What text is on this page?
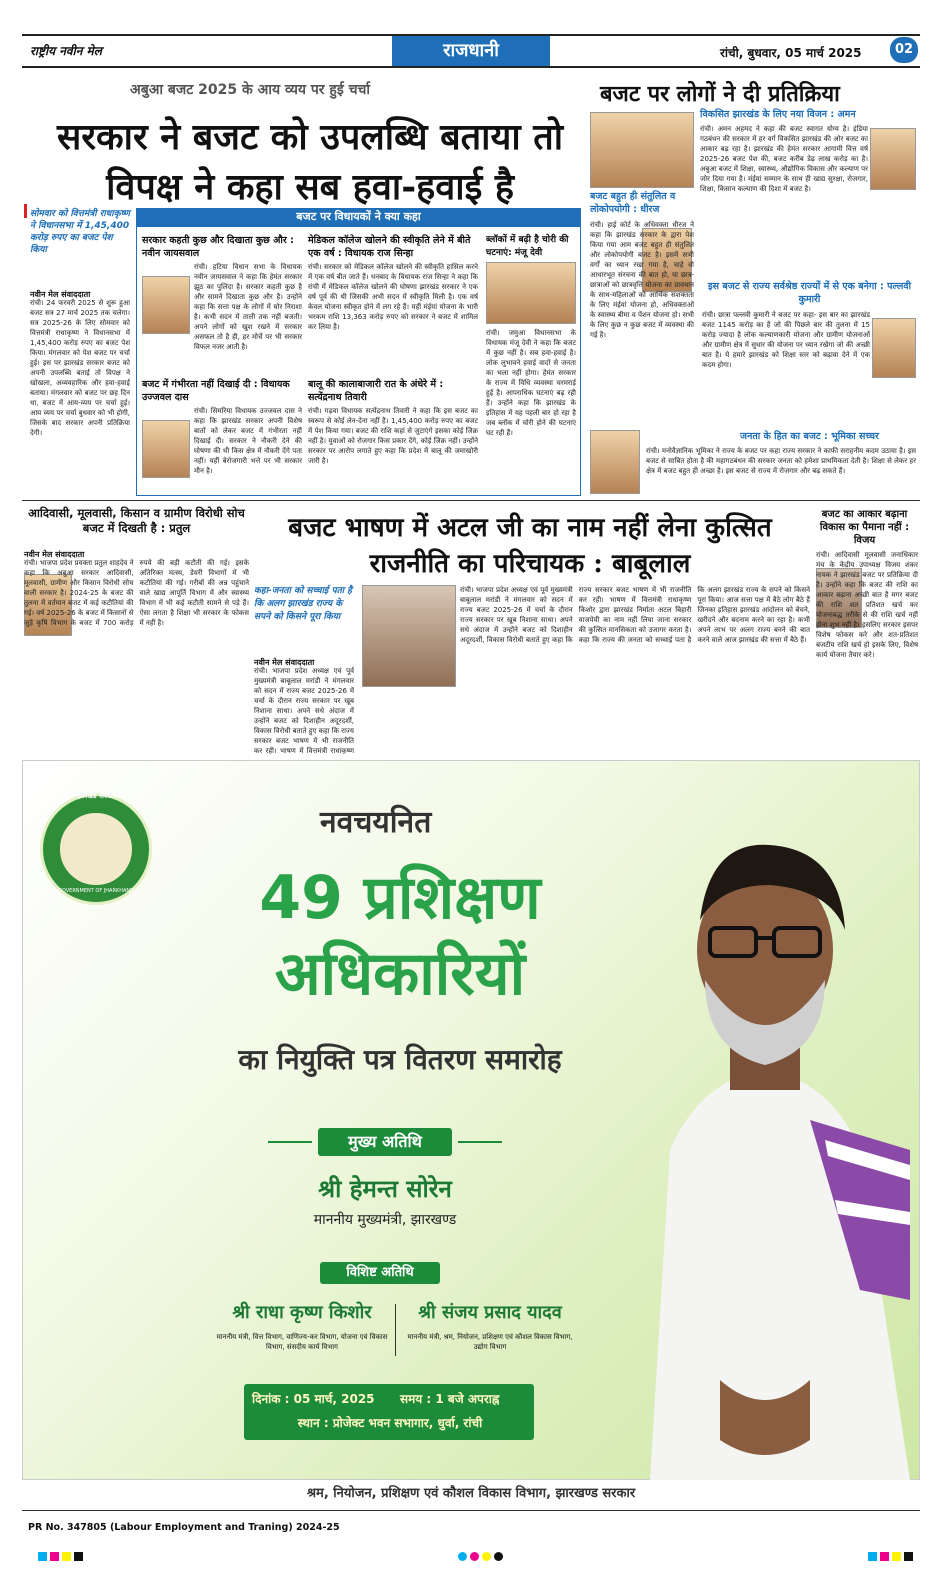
राष्ट्रीय नवीन मेल	राजधानी	रांची, बुधवार, 05 मार्च 2025	02
अबुआ बजट 2025 के आय व्यय पर हुई चर्चा
सरकार ने बजट को उपलब्धि बताया तो विपक्ष ने कहा सब हवा-हवाई है
सोमवार को वित्तमंत्री राधाकृष्ण ने विधानसभा में 1,45,400 करोड़ रुपए का बजट पेश किया
नवीन मेल संवाददाता
रांची। 24 फरवरी 2025 से शुरू हुआ बजट सत्र 27 मार्च 2025 तक चलेगा। सत्र 2025-26 के लिए सोमवार को वित्तमंत्री राधाकृष्ण ने विधानसभा में 1,45,400 करोड़ रुपए का बजट पेश किया। मंगलवार को पेश बजट पर चर्चा हुई। इस पर झारखंड सरकार बजट को अपनी उपलब्धि बताई तो विपक्ष ने खोखला, अव्यवहारिक और हवा-हवाई बताया। मंगलवार को बजट पर छह दिन था, बजट में आय-व्यय पर चर्चा हुई। आय व्यय पर चर्चा बुधवार को भी होगी, जिसके बाद सरकार अपनी प्रतिक्रिया देगी।
बजट पर विधायकों ने क्या कहा
सरकार कहती कुछ और दिखाता कुछ और : नवीन जायसवाल
रांची। हटिया विधान सभा के विधायक नवीन जायसवाल ने कहा कि हेमंत सरकार झूठ का पुलिंदा है। सरकार कहती कुछ है और सामने दिखाता कुछ और है। उन्होंने कहा कि सत्ता पक्ष के लोगों में घोर निराशा है। कभी सदन में ताली तक नहीं बजती। अपने लोगों को खुश रखने में सरकार असफल तो है ही, हर मोर्चे पर भी सरकार विफल नजर आती है।
मेडिकल कॉलेज खोलने की स्वीकृति लेने में बीते एक वर्ष : विधायक राज सिन्हा
रांची। सरकार को मेडिकल कॉलेज खोलने की स्वीकृति हासिल करने में एक वर्ष बीत जाते हैं। धनबाद के विधायक राज सिन्हा ने कहा कि रांची में मेडिकल कॉलेज खोलने की घोषणा झारखंड सरकार ने एक वर्ष पूर्व की थी जिसकी अभी सदन में स्वीकृति मिली है। एक वर्ष केवल योजना स्वीकृत होने में लग रहे हैं। यहीं मंईयां योजना के भारी भरकम राशि 13,363 करोड़ रुपए को सरकार ने बजट में शामिल कर लिया है।
ब्लॉकों में बढ़ी है चोरी की घटनाएं: मंजू देवी
रांची। जमुआ विधानसभा के विधायक मंजू देवी ने कहा कि बजट में कुछ नहीं है। सब हवा-हवाई है। लोक लुभावने हवाई वादों से जनता का भला नहीं होगा। हेमंत सरकार के राज्य में विधि व्यवस्था चरमराई हुई है। आपराधिक घटनाएं बढ़ रही हैं। उन्होंने कहा कि झारखंड के इतिहास में यह पहली बार हो रहा है जब ब्लॉक में चोरी होने की घटनाएं घट रही हैं।
बजट में गंभीरता नहीं दिखाई दी : विधायक उज्जवल दास
रांची। सिमरिया विधायक उज्जवल दास ने कहा कि झारखंड सरकार अपनी विशेष बातों को लेकर बजट में गंभीरता नहीं दिखाई दी। सरकार ने नौकरी देने की घोषणा की थी किस क्षेत्र में नौकरी देंगे पता नहीं। यहीं बेरोजगारी भत्ते पर भी सरकार मौन है।
बालू की कालाबाजारी रात के अंधेरे में : सत्येंद्रनाथ तिवारी
रांची। गढ़वा विधायक सत्येंद्रनाथ तिवारी ने कहा कि इस बजट का स्वरूप से कोई लेन-देना नहीं है। 1,45,400 करोड़ रुपए का बजट में पेश किया गया। बजट की राशि कहां से जुटाएंगे इसका कोई जिक्र नहीं है। युवाओं को रोजगार किस प्रकार देंगे, कोई जिक्र नहीं। उन्होंने सरकार पर आरोप लगाते हुए कहा कि प्रदेश में बालू की जमाखोरी जारी है।
बजट पर लोगों ने दी प्रतिक्रिया
विकसित झारखंड के लिए नया विजन : अमन
रांची। अमन अहमद ने कहा की बजट स्वागत योग्य है। इंडिया गठबंधन की सरकार में हर वर्ग विकसित झारखंड की ओर बजट का आकार बढ़ रहा है। झारखंड की हेमंत सरकार आगामी वित्त वर्ष 2025-26 बजट पेश की, बजट करीब डेढ़ लाख करोड़ का है। अबुआ बजट में शिक्षा, स्वास्थ्य, औद्योगिक विकास और कल्याण पर जोर दिया गया है। मंईयां सम्मान के साथ ही खाद्य सुरक्षा, रोजगार, शिक्षा, किसान कल्याण की दिशा में बजट है।
बजट बहुत ही संतुलित व लोकोपयोगी : धीरज
रांची। हाई कोर्ट के अधिवक्ता धीरज ने कहा कि झारखंड सरकार के द्वारा पेश किया गया आम बजट बहुत ही संतुलित और लोकोपयोगी बजट है। इसमें सभी वर्गों का ध्यान रखा गया है, चाहे वो आधारभूत संरचना की बात हो, या छात्र-छात्राओं को छात्रवृत्ति योजना का प्रावधान के साथ-महिलाओं को आर्थिक सशक्तता के लिए मंईयां योजना हो, अधिवक्ताओं के स्वास्थ्य बीमा व पेंशन योजना हो। सभी के लिए कुछ न कुछ बजट में व्यवस्था की गई है।
इस बजट से राज्य सर्वश्रेष्ठ राज्यों में से एक बनेगा : पल्लवी कुमारी
रांची। छात्रा पल्लवी कुमारी ने बजट पर कहा- इस बार का झारखंड बजट 1145 करोड़ का है जो की पिछले बार की तुलना में 15 करोड़ ज्यादा है लोक कल्याणकारी योजना और ग्रामीण योजनाओं और ग्रामीण क्षेत्र में सुधार की योजना पर ध्यान रखेगा जो की अच्छी बात है। ये हमारे झारखंड को शिक्षा स्तर को बढ़ावा देने में एक कदम होगा।
जनता के हित का बजट : भूमिका सच्चर
रांची। मनोवैज्ञानिक भूमिका ने राज्य के बजट पर कहा राज्य सरकार ने काफी सराहनीय कदम उठाया है। इस बजट से साबित होता है की महागठबंधन की सरकार जनता को हमेशा प्राथमिकता देती है। शिक्षा से लेकर हर क्षेत्र में बजट बहुत ही अच्छा है। इस बजट से राज्य में रोजगार और बढ़ सकते हैं।
आदिवासी, मूलवासी, किसान व ग्रामीण विरोधी सोच बजट में दिखती है : प्रतुल
नवीन मेल संवाददाता
रांची। भाजपा प्रदेश प्रवक्ता प्रतुल शाहदेव ने कहा कि अबुआ सरकार आदिवासी, मूलवासी, ग्रामीण और किसान विरोधी सोच वाली सरकार है। 2024-25 के बजट की तुलना में वर्तमान बजट में कई कटौतियां की गई। वर्ष 2025-26 के बजट में किसानों से जुड़े कृषि विभाग के बजट में 700 करोड़ रुपये की बड़ी कटौती की गई। इसके अतिरिक्त मत्स्य, डेयरी विभागों में भी कटौतियां की गई। गरीबों की अन्न पहुंचाने वाले खाद्य आपूर्ति विभाग में और स्वास्थ्य विभाग में भी कई कटौती सामने से पड़े हैं। ऐसा लगता है शिक्षा भी सरकार के फोकस में नहीं है।
बजट भाषण में अटल जी का नाम नहीं लेना कुत्सित राजनीति का परिचायक : बाबूलाल
कहा-जनता को सच्चाई पता है कि अलग झारखंड राज्य के सपने को किसने पूरा किया
नवीन मेल संवाददाता
रांची। भाजपा प्रदेश अध्यक्ष एवं पूर्व मुख्यमंत्री बाबूलाल मरांडी ने मंगलवार को सदन में राज्य बजट 2025-26 में चर्चा के दौरान राज्य सरकार पर खूब निशाना साधा। अपने सधे अंदाज में उन्होंने बजट को दिशाहीन अदूरदर्शी, विकास विरोधी बताते हुए कहा कि राज्य सरकार बजट भाषण में भी राजनीति कर रही। भाषण में वित्तमंत्री राधाकृष्ण
रांची। भाजपा प्रदेश अध्यक्ष एवं पूर्व मुख्यमंत्री बाबूलाल मरांडी ने मंगलवार को सदन में राज्य बजट 2025-26 में चर्चा के दौरान राज्य सरकार पर खूब निशाना साधा। अपने सधे अंदाज में उन्होंने बजट को दिशाहीन अदूरदर्शी, विकास विरोधी बताते हुए कहा कि राज्य सरकार बजट भाषण में भी राजनीति कर रही। भाषण में वित्तमंत्री राधाकृष्ण किशोर द्वारा झारखंड निर्माता अटल बिहारी वाजपेयी का नाम नहीं लिया जाना सरकार की कुत्सित मानसिकता को उजागर करता है। कहा कि राज्य की जनता को सच्चाई पता है कि अलग झारखंड राज्य के सपने को किसने पूरा किया। आज सत्ता पक्ष में बैठे लोग बैठे हैं जिनका इतिहास झारखंड आंदोलन को बेचने, खरीदने और बदनाम करने का रहा है। कभी अपने लाभ पर अलग राज्य बनने की बात करने वाले आज झारखंड की सत्ता में बैठे हैं।
बजट का आकार बढ़ाना विकास का पैमाना नहीं : विजय
रांची। आदिवासी मूलवासी जनाधिकार मंच के केंद्रीय उपाध्यक्ष विजय शंकर नायक ने झारखंड बजट पर प्रतिक्रिया दी है। उन्होंने कहा कि बजट की राशि का आकार बढ़ाना अच्छी बात है मगर बजट की राशि शत प्रतिशत खर्च कर योजनाबद्ध तरीके से की राशि खर्च नहीं होना शुभ नहीं है। इसलिए सरकार इसपर विशेष फोकस करे और शत-प्रतिशत बजटीय राशि खर्च हो इसके लिए, विशेष कार्य योजना तैयार करे।
झारखंड सरकार
GOVERNMENT OF JHARKHAND
नवचयनित
49 प्रशिक्षण अधिकारियों
का नियुक्ति पत्र वितरण समारोह
मुख्य अतिथि
श्री हेमन्त सोरेन
माननीय मुख्यमंत्री, झारखण्ड
विशिष्ट अतिथि
श्री राधा कृष्ण किशोर
माननीय मंत्री, वित्त विभाग, वाणिज्य-कर विभाग, योजना एवं विकास विभाग, संसदीय कार्य विभाग
श्री संजय प्रसाद यादव
माननीय मंत्री, श्रम, नियोजन, प्रशिक्षण एवं कौशल विकास विभाग, उद्योग विभाग
दिनांक : 05 मार्च, 2025	समय : 1 बजे अपराह्न
स्थान : प्रोजेक्ट भवन सभागार, धुर्वा, रांची
श्रम, नियोजन, प्रशिक्षण एवं कौशल विकास विभाग, झारखण्ड सरकार
PR No. 347805 (Labour Employment and Traning) 2024-25
